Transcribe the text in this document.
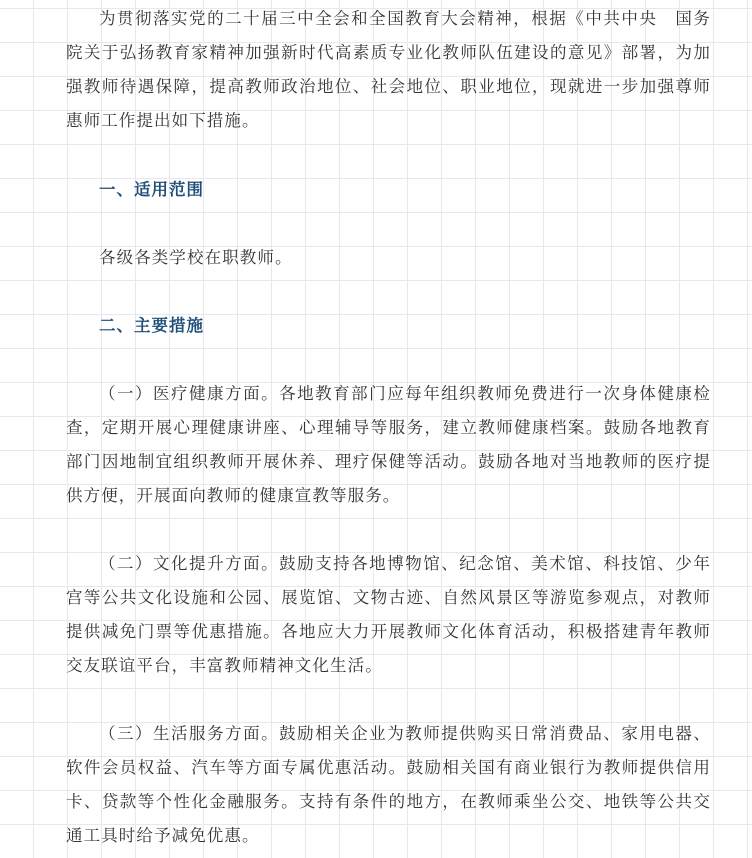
为贯彻落实党的二十届三中全会和全国教育大会精神，根据《中共中央　国务院关于弘扬教育家精神加强新时代高素质专业化教师队伍建设的意见》部署，为加强教师待遇保障，提高教师政治地位、社会地位、职业地位，现就进一步加强尊师惠师工作提出如下措施。

一、适用范围

各级各类学校在职教师。

二、主要措施

（一）医疗健康方面。各地教育部门应每年组织教师免费进行一次身体健康检查，定期开展心理健康讲座、心理辅导等服务，建立教师健康档案。鼓励各地教育部门因地制宜组织教师开展休养、理疗保健等活动。鼓励各地对当地教师的医疗提供方便，开展面向教师的健康宣教等服务。

（二）文化提升方面。鼓励支持各地博物馆、纪念馆、美术馆、科技馆、少年宫等公共文化设施和公园、展览馆、文物古迹、自然风景区等游览参观点，对教师提供减免门票等优惠措施。各地应大力开展教师文化体育活动，积极搭建青年教师交友联谊平台，丰富教师精神文化生活。

（三）生活服务方面。鼓励相关企业为教师提供购买日常消费品、家用电器、软件会员权益、汽车等方面专属优惠活动。鼓励相关国有商业银行为教师提供信用卡、贷款等个性化金融服务。支持有条件的地方，在教师乘坐公交、地铁等公共交通工具时给予减免优惠。
